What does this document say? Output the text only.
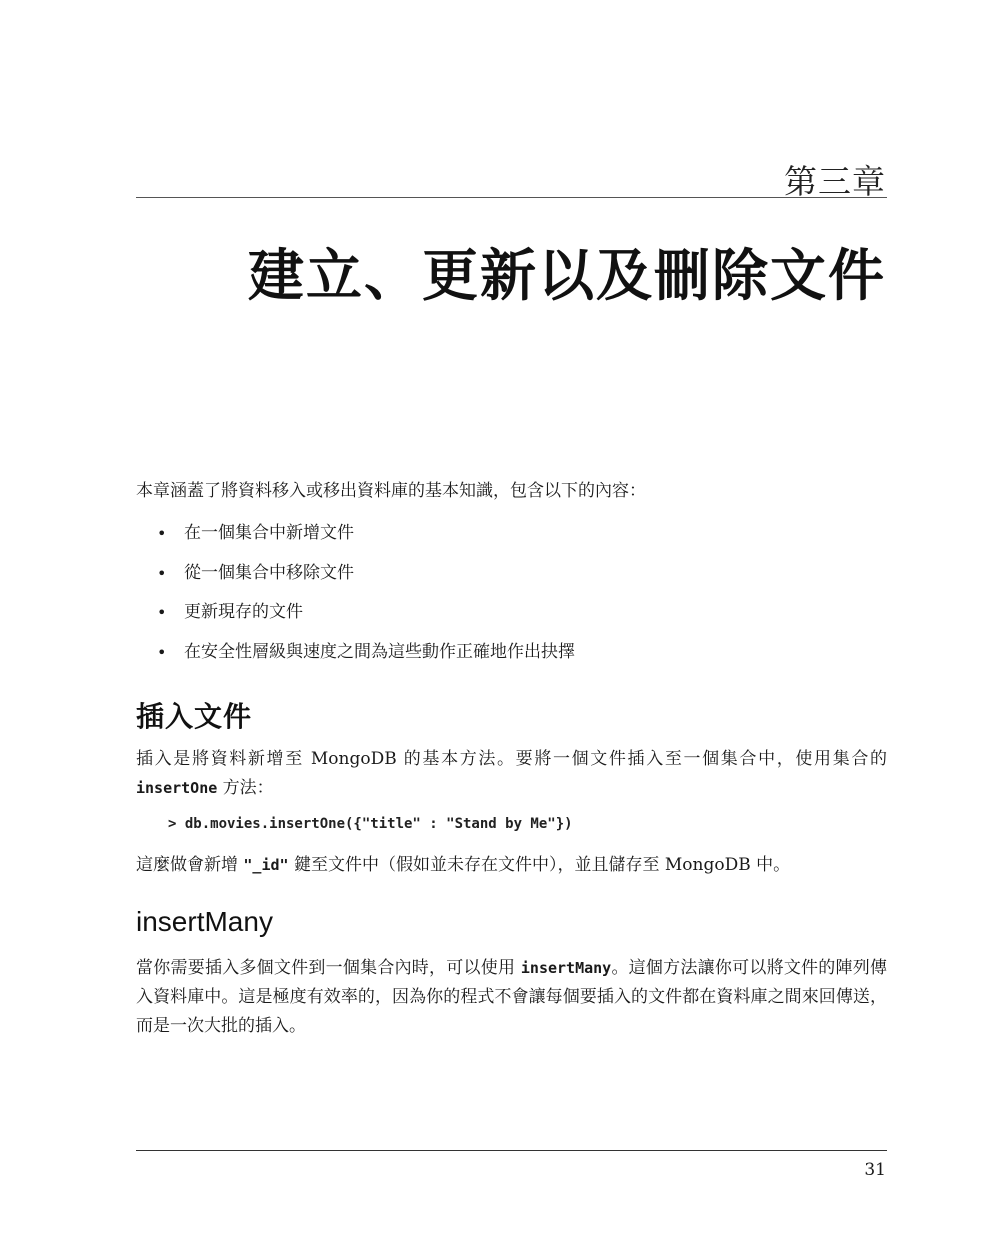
第三章
建立、更新以及刪除文件
本章涵蓋了將資料移入或移出資料庫的基本知識，包含以下的內容：
• 在一個集合中新增文件
• 從一個集合中移除文件
• 更新現存的文件
• 在安全性層級與速度之間為這些動作正確地作出抉擇
插入文件
插入是將資料新增至 MongoDB 的基本方法。要將一個文件插入至一個集合中，使用集合的 insertOne 方法：
> db.movies.insertOne({"title" : "Stand by Me"})
這麼做會新增 "_id" 鍵至文件中（假如並未存在文件中），並且儲存至 MongoDB 中。
insertMany
當你需要插入多個文件到一個集合內時，可以使用 insertMany。這個方法讓你可以將文件的陣列傳入資料庫中。這是極度有效率的，因為你的程式不會讓每個要插入的文件都在資料庫之間來回傳送，而是一次大批的插入。
31
